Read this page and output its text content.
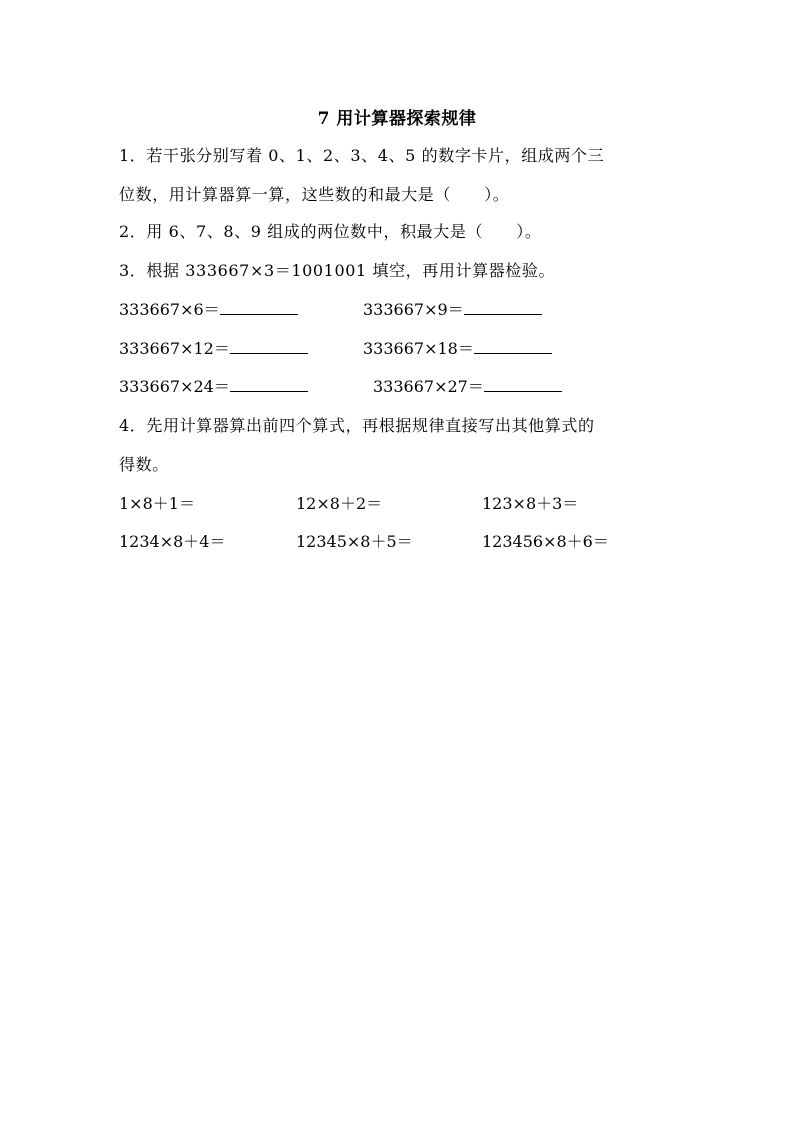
7 用计算器探索规律
1．若干张分别写着 0、1、2、3、4、5 的数字卡片，组成两个三
位数，用计算器算一算，这些数的和最大是（　　）。
2．用 6、7、8、9 组成的两位数中，积最大是（　　）。
3．根据 333667×3＝1001001 填空，再用计算器检验。
333667×6＝	333667×9＝
333667×12＝	333667×18＝
333667×24＝	333667×27＝
4．先用计算器算出前四个算式，再根据规律直接写出其他算式的
得数。
1×8＋1＝	12×8＋2＝	123×8＋3＝
1234×8＋4＝	12345×8＋5＝	123456×8＋6＝
